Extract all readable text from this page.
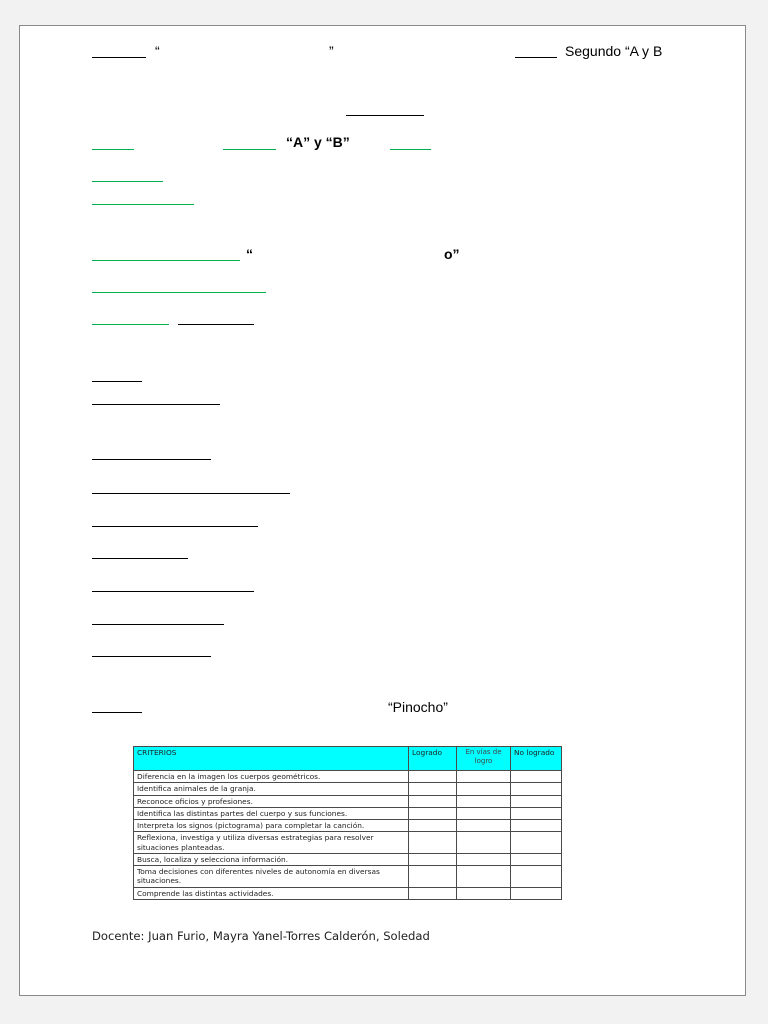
“	”	Segundo “A y B
“A” y “B”
“	o”
“Pinocho”
CRITERIOS	Logrado	En vías de logro	No logrado
Diferencia en la imagen los cuerpos geométricos.			
Identifica animales de la granja.			
Reconoce oficios y profesiones.			
Identifica las distintas partes del cuerpo y sus funciones.			
Interpreta los signos (pictograma) para completar la canción.			
Reflexiona, investiga y utiliza diversas estrategias para resolver situaciones planteadas.			
Busca, localiza y selecciona información.			
Toma decisiones con diferentes niveles de autonomía en diversas situaciones.			
Comprende las distintas actividades.			
Docente: Juan Furio, Mayra Yanel-Torres Calderón, Soledad
